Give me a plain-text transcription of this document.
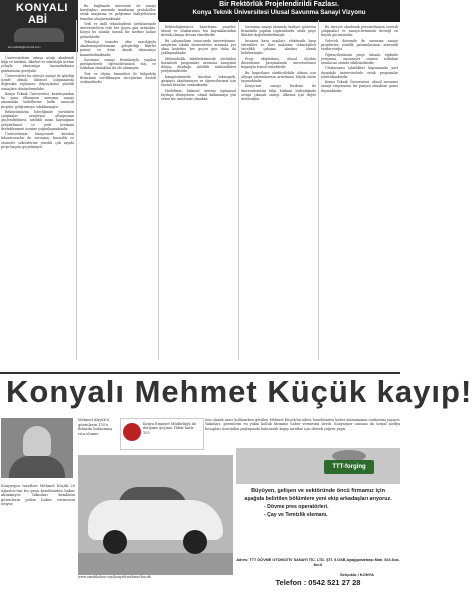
KONYALI
ABİ
konyaliabi@hotmail.com
Bir Rektörlük Projelendirildi Fazlası.
Konya Teknik Üniversitesi Ulusal Savunma Sanayi Vizyonu

Üniversitelerin ortaya attığı akademik bilgi ve birikimi, fikirleri ve teknolojik üretim yoluyla ekonomiye kazandırılması günümüzün gereğidir.

Üniversiteler bu süreçte sanayi ile işbirliği içinde olmalı, bilimsel çalışmalarını doğrudan toplumun ihtiyaçlarına yönelik sonuçlara dönüştürmelidir.

Konya Teknik Üniversitesi, kuruluşundan bu yana ülkemizin savunma sanayi alanındaki hedeflerine katkı sunacak projeler geliştirmeye odaklanmıştır.

Rektörümüzün liderliğinde yürütülen çalışmalar; araştırma altyapısının güçlendirilmesi, nitelikli insan kaynağının yetiştirilmesi ve yerli üretimin desteklenmesi üzerine yoğunlaşmaktadır.

Üniversitemiz bünyesinde kurulan laboratuvarlar ile savunma, havacılık ve otomotiv sektörlerine yönelik çok sayıda proje hayata geçirilmiştir.

Bu bağlamda üniversite ile sanayi kuruluşları arasında imzalanan protokoller, ortak araştırma ve geliştirme faaliyetlerinin temelini oluşturmaktadır.

Yerli ve milli teknolojilerin üretilmesinde üniversitelerin rolü her geçen gün artmakta, Konya bu alanda önemli bir merkez haline gelmektedir.

Teknoloji transfer ofisi aracılığıyla akademisyenlerimizin geliştirdiği fikirler patent ve ürün olarak ekonomiye kazandırılmaktadır.

Savunma sanayi firmalarıyla yapılan görüşmelerde öğrencilerimizin staj ve istihdam olanakları da ele alınmıştır.

Test ve ölçüm hizmetleri ile bölgedeki firmaların sertifikasyon süreçlerine destek verilmektedir.

Rektörlüğümüzce hazırlanan projeler, ulusal ve uluslararası fon kaynaklarından destek almaya devam etmektedir.

Bu çalışmaların sonucunda üniversitemiz, araştırma odaklı üniversiteler arasında yer alma hedefine her geçen gün daha da yaklaşmaktadır.

Mühendislik fakültelerimizde yürütülen lisansüstü programlar, savunma sanayinin ihtiyaç duyduğu nitelikli mühendisleri yetiştirmektedir.

Kampüsümüzde kurulan teknopark, girişimci akademisyen ve öğrencilerimiz için önemli fırsatlar sunmaktadır.

Hedefimiz, bilimsel üretimi toplumsal faydaya dönüştüren, ulusal kalkınmaya yön veren bir üniversite olmaktır.

Savunma sanayi alanında faaliyet gösteren firmalarla yapılan toplantılarda ortak proje fikirleri değerlendirilmiştir.

İnsansız hava araçları, elektronik harp sistemleri ve ileri malzeme teknolojileri öncelikli çalışma alanları olarak belirlenmiştir.

Proje ekiplerimiz, ulusal ölçekte düzenlenen yarışmalarda üniversitemizi başarıyla temsil etmektedir.

Bu başarıların sürdürülebilir olması için altyapı yatırımlarının artırılması büyük önem taşımaktadır.

Konya'nın sanayi birikimi ile üniversitemizin bilgi birikimi birleştiğinde ortaya çıkacak sinerji, ülkemiz için değer üretecektir.

Bu süreçte akademik personelimizin özverili çalışmaları ve sanayicilerimizin desteği en büyük gücümüzdür.

Gelecek dönemde de savunma sanayi projelerine yönelik yatırımlarımızı artırarak sürdüreceğiz.

Öğrencilerimizin proje tabanlı eğitimle yetişmesi, mezuniyet sonrası istihdam oranlarını olumlu etkilemektedir.

Uluslararası işbirlikleri kapsamında yurt dışındaki üniversitelerle ortak programlar yürütülmektedir.

Konya Teknik Üniversitesi, ulusal savunma sanayi vizyonunun bir parçası olmaktan gurur duymaktadır.

Konyalı Mehmet Küçük kayıp!
Konyaspor taraftarı Mehmet Küçük 28 Ağustos'tan bu yana kendisinden haber alınamıyor. Yakınları kendisini görenlerin polise haber vermesini istiyor.
Mehmet Küçük'ü görenlerin 155'e ihbarda bulunması rica olunur.
Konya Emniyet Müdürlüğü ile iletişime geçiniz. İhbar hattı: 155
Son olarak aracı kullanırken görülen Mehmet Küçük'ün ailesi, kendisinden haber alamamanın endişesini yaşıyor. Yakınları, görenlerin en yakın kolluk birimine haber vermesini istedi. Konyaspor camiası da sosyal medya hesapları üzerinden paylaşımda bulunarak kayıp taraftar için destek çağrısı yaptı.
www.ornekhaber.com/konyali-mehmet-kucuk
TTT-forging
Büyüyen, gelişen ve sektöründe öncü firmamız için
aşağıda belirtilen bölümlere yeni ekip arkadaşları arıyoruz.
- Dövme pres operatörleri.
- Çay ve Temizlik elemanı.
Adres: TTT DÖVME OTOMOTİV SANAYİ TİC. LTD. ŞTİ. 5.OSB Ayağıpınarbaşı Mah. 523.Sok. No:6
Selçuklu / KONYA
Telefon : 0542 521 27 28
